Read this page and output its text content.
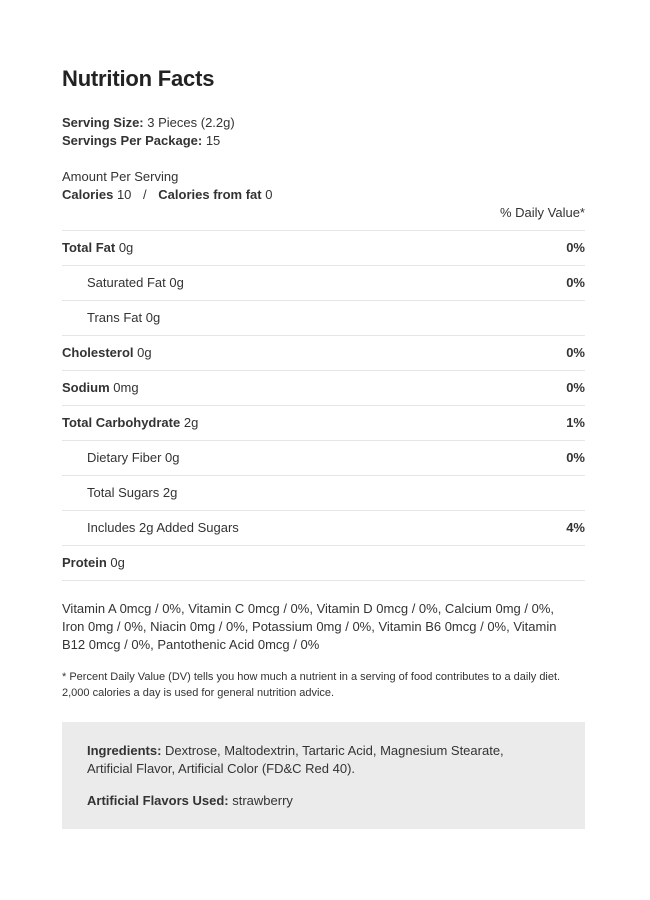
Nutrition Facts
Serving Size: 3 Pieces (2.2g)
Servings Per Package: 15
Amount Per Serving
Calories 10 / Calories from fat 0
% Daily Value*
Total Fat 0g	0%
Saturated Fat 0g	0%
Trans Fat 0g
Cholesterol 0g	0%
Sodium 0mg	0%
Total Carbohydrate 2g	1%
Dietary Fiber 0g	0%
Total Sugars 2g
Includes 2g Added Sugars	4%
Protein 0g
Vitamin A 0mcg / 0%, Vitamin C 0mcg / 0%, Vitamin D 0mcg / 0%, Calcium 0mg / 0%, Iron 0mg / 0%, Niacin 0mg / 0%, Potassium 0mg / 0%, Vitamin B6 0mcg / 0%, Vitamin B12 0mcg / 0%, Pantothenic Acid 0mcg / 0%
* Percent Daily Value (DV) tells you how much a nutrient in a serving of food contributes to a daily diet. 2,000 calories a day is used for general nutrition advice.
Ingredients: Dextrose, Maltodextrin, Tartaric Acid, Magnesium Stearate, Artificial Flavor, Artificial Color (FD&C Red 40).
Artificial Flavors Used: strawberry
